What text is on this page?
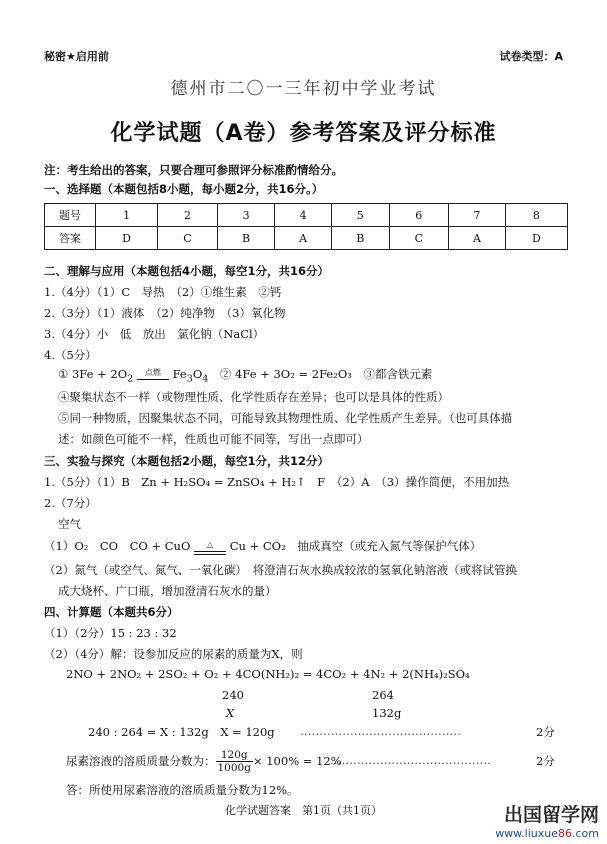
秘密★启用前	试卷类型：A
德州市二〇一三年初中学业考试
化学试题（A卷）参考答案及评分标准
注：考生给出的答案，只要合理可参照评分标准酌情给分。
一、选择题（本题包括8小题，每小题2分，共16分。）
题号	1	2	3	4	5	6	7	8
答案	D	C	B	A	B	C	A	D
二、理解与应用（本题包括4小题，每空1分，共16分）
1.（4分）（1）C　导热　（2）①维生素　②钙
2.（3分）（1）液体　（2）纯净物　（3）氧化物
3.（4分）小　低　放出　氯化钠（NaCl）
4.（5分）
① $3Fe + 2O_2$
点燃	$Fe_3O_4$　② 4Fe + 3O₂ = 2Fe₂O₃　③都含铁元素
④聚集状态不一样（或物理性质、化学性质存在差异；也可以是具体的性质）
⑤同一种物质，因聚集状态不同，可能导致其物理性质、化学性质产生差异。（也可具体描
述：如颜色可能不一样，性质也可能不同等，写出一点即可）
三、实验与探究（本题包括2小题，每空1分，共12分）
1.（5分）（1）B　Zn + H₂SO₄ = ZnSO₄ + H₂↑　F　（2）A　（3）操作简便，不用加热
2.（7分）
空气
（1）O₂　CO　CO + CuO	△	Cu + CO₂　抽成真空（或充入氮气等保护气体）
（2）氮气（或空气、氮气、一氧化碳）　将澄清石灰水换成较浓的氢氧化钠溶液（或将试管换
成大烧杯、广口瓶，增加澄清石灰水的量）
四、计算题（本题共6分）
（1）（2分）15 : 23 : 32
（2）（4分）解：设参加反应的尿素的质量为X，则
2NO + 2NO₂ + 2SO₂ + O₂ + 4CO(NH₂)₂ = 4CO₂ + 4N₂ + 2(NH₄)₂SO₄
240	264
X	132g
240 : 264 = X : 132g　X = 120g ……………………………………	2分
尿素溶液的溶质质量分数为： $\frac{120g}{1000g} \times 100\% = 12\%$
……………………………………	2分
答：所使用尿素溶液的溶质质量分数为12%。
化学试题答案　第1页（共1页）	出国留学网
www.liuxue86.com
